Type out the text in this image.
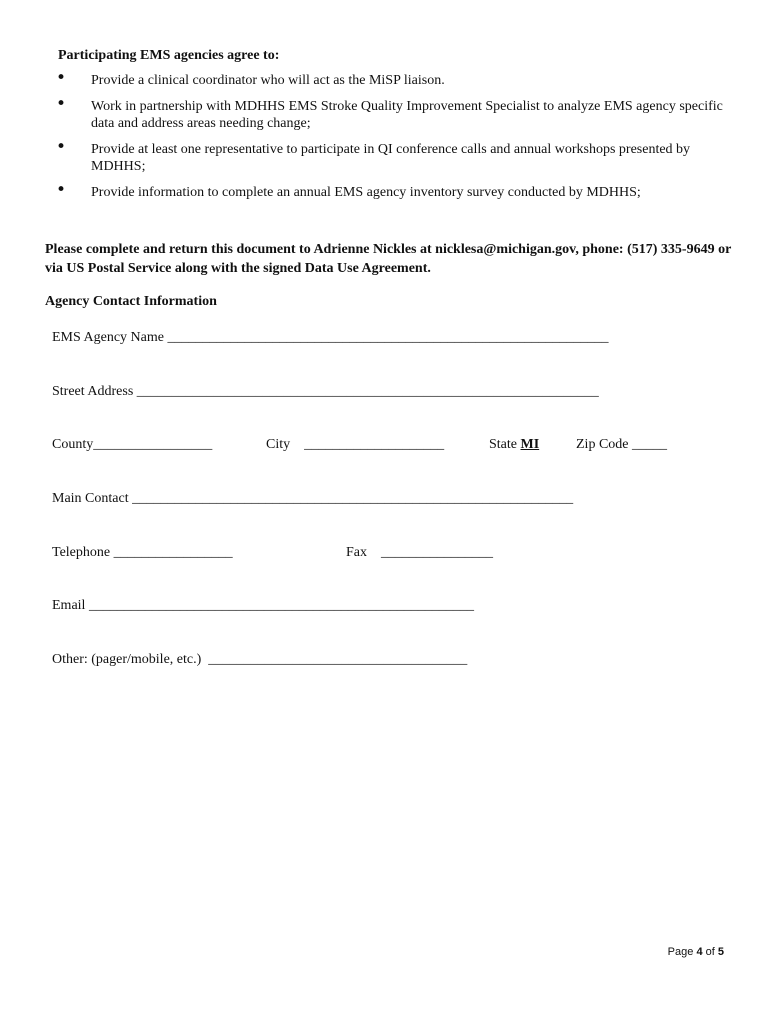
Participating EMS agencies agree to:
• Provide a clinical coordinator who will act as the MiSP liaison.
• Work in partnership with MDHHS EMS Stroke Quality Improvement Specialist to analyze EMS agency specific data and address areas needing change;
• Provide at least one representative to participate in QI conference calls and annual workshops presented by MDHHS;
• Provide information to complete an annual EMS agency inventory survey conducted by MDHHS;
Please complete and return this document to Adrienne Nickles at nicklesa@michigan.gov, phone: (517) 335-9649 or via US Postal Service along with the signed Data Use Agreement.
Agency Contact Information
EMS Agency Name _______________________________________________________________
Street Address __________________________________________________________________
County_________________	City ____________________	State MI	Zip Code _____
Main Contact _______________________________________________________________
Telephone _________________	Fax ________________
Email _______________________________________________________
Other: (pager/mobile, etc.) _____________________________________
Page 4 of 5
